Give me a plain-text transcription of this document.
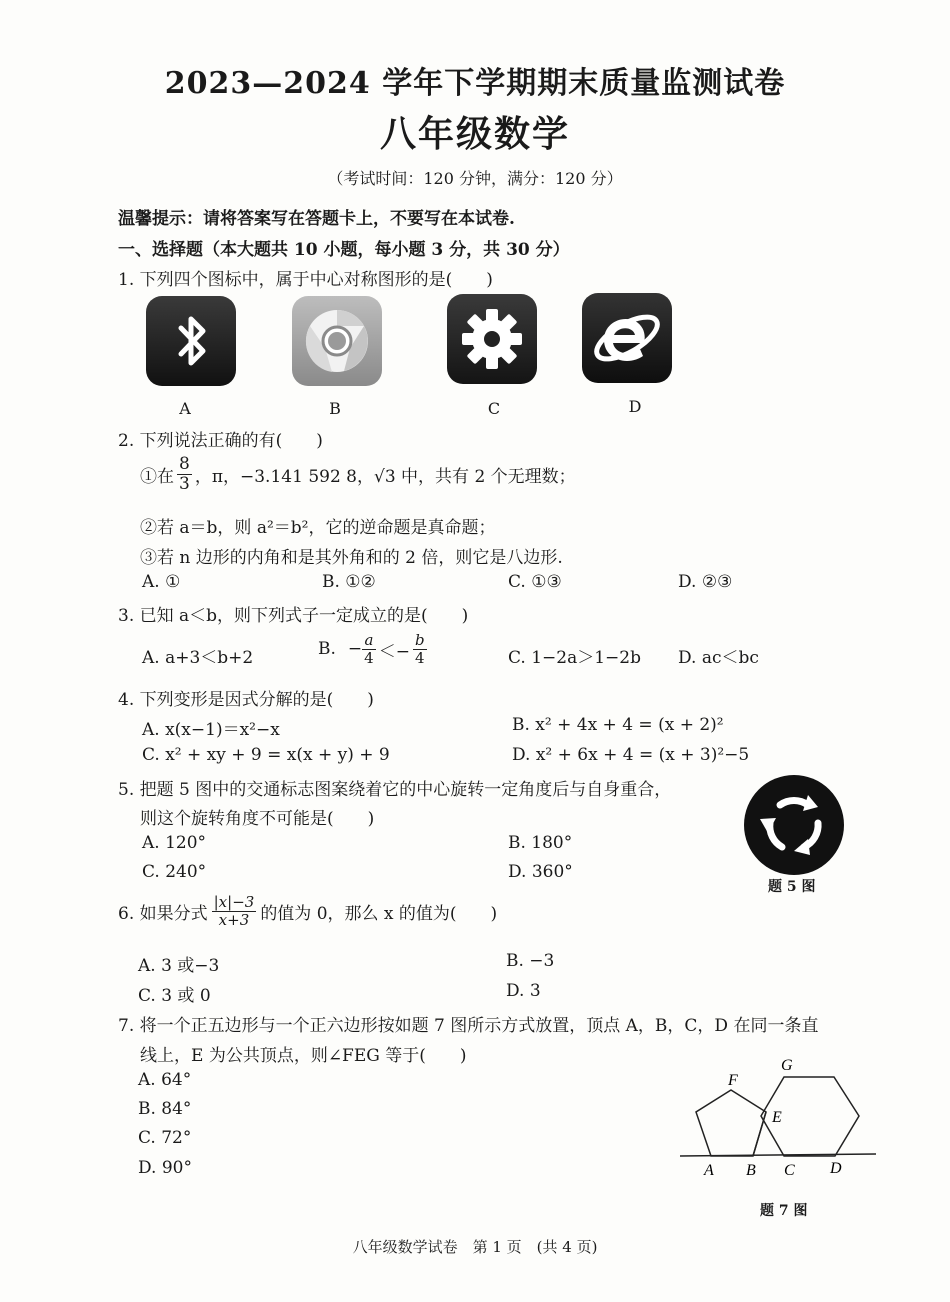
2023—2024 学年下学期期末质量监测试卷
八年级数学
（考试时间：120 分钟，满分：120 分）
温馨提示：请将答案写在答题卡上，不要写在本试卷.
一、选择题（本大题共 10 小题，每小题 3 分，共 30 分）
1. 下列四个图标中，属于中心对称图形的是(　　)
A	B	C	D
2. 下列说法正确的有(　　)
①在 $\frac{8}{3}$ ，π，−3.141 592 8，√3 中，共有 2 个无理数；
②若 a＝b，则 a²＝b²，它的逆命题是真命题；
③若 n 边形的内角和是其外角和的 2 倍，则它是八边形.
A. ①	B. ①②	C. ①③	D. ②③
3. 已知 a＜b，则下列式子一定成立的是(　　)
A. a+3＜b+2	B. − $\frac{a}{4} <- \frac{b}{4}$	C. 1−2a＞1−2b D. ac＜bc
4. 下列变形是因式分解的是(　　)
A. x(x−1)＝x²−x	B. x² + 4x + 4 = (x + 2)²
C. x² + xy + 9 = x(x + y) + 9	D. x² + 6x + 4 = (x + 3)²−5
5. 把题 5 图中的交通标志图案绕着它的中心旋转一定角度后与自身重合，
则这个旋转角度不可能是(　　)
A. 120°	B. 180°
C. 240°	D. 360°
题 5 图
6. 如果分式 $\frac{|x|-3}{x+3}$ 的值为 0，那么 x 的值为(　　)
A. 3 或−3	B. −3
C. 3 或 0	D. 3
7. 将一个正五边形与一个正六边形按如题 7 图所示方式放置，顶点 A，B，C，D 在同一条直
线上，E 为公共顶点，则∠FEG 等于(　　)
A. 64°
B. 84°
C. 72°
D. 90°
F
G
E
A B C D
题 7 图
八年级数学试卷　第 1 页　(共 4 页)
